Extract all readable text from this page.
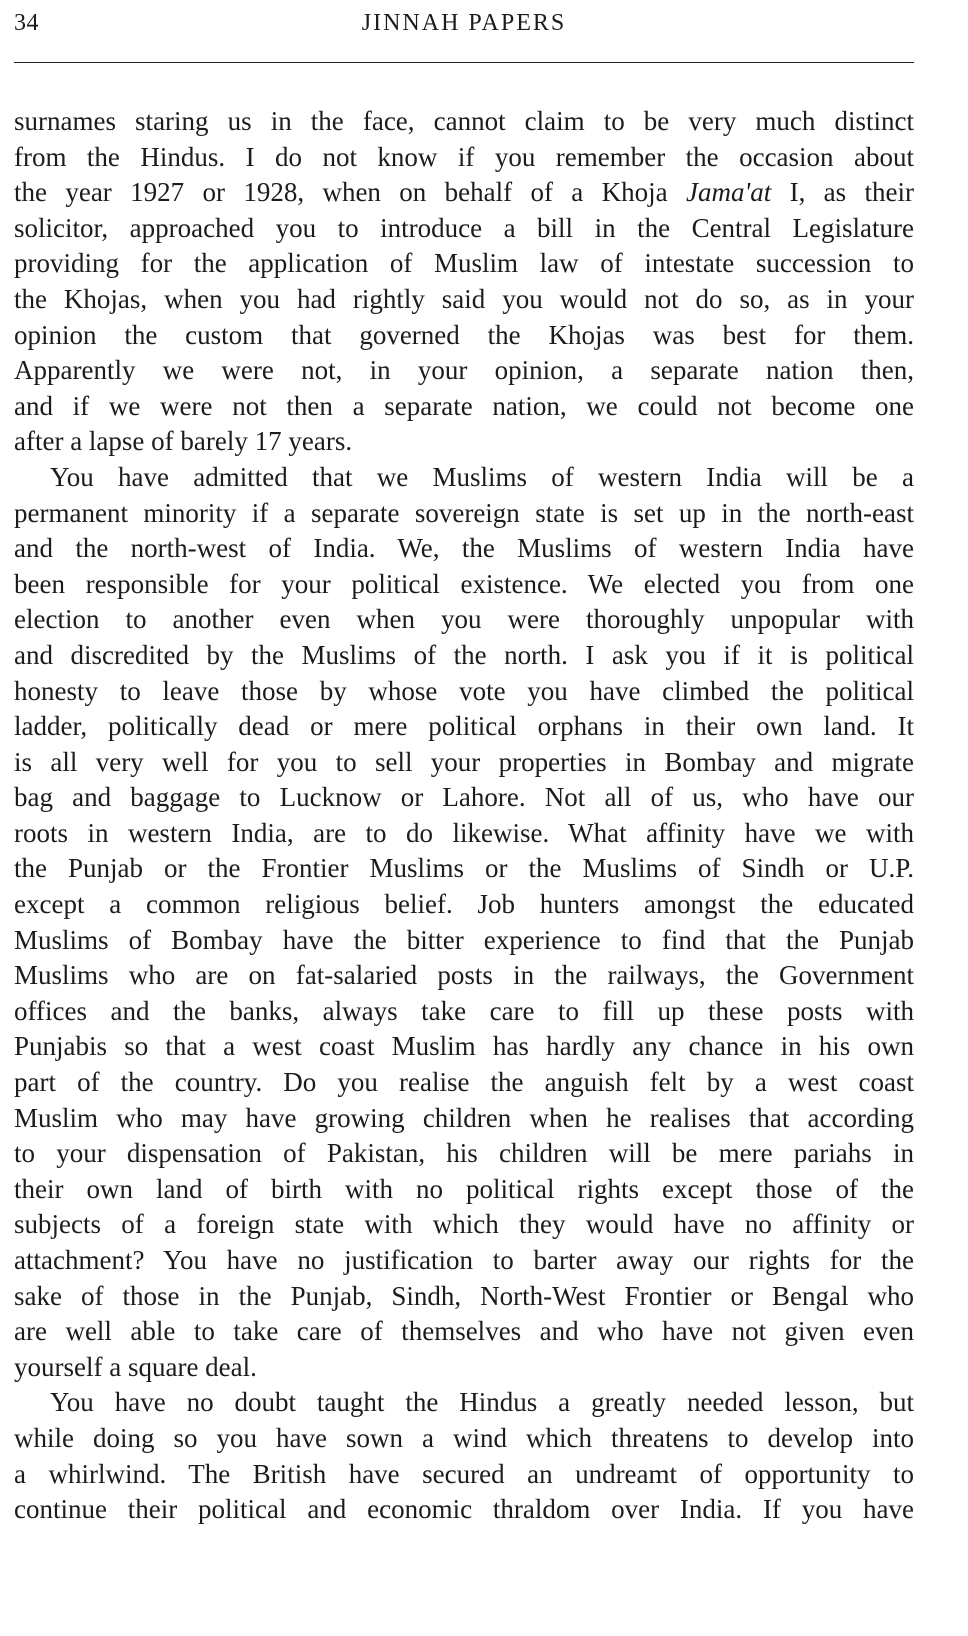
34	JINNAH PAPERS
surnames staring us in the face, cannot claim to be very much distinct
from the Hindus. I do not know if you remember the occasion about
the year 1927 or 1928, when on behalf of a Khoja Jama'at I, as their
solicitor, approached you to introduce a bill in the Central Legislature
providing for the application of Muslim law of intestate succession to
the Khojas, when you had rightly said you would not do so, as in your
opinion the custom that governed the Khojas was best for them.
Apparently we were not, in your opinion, a separate nation then,
and if we were not then a separate nation, we could not become one
after a lapse of barely 17 years.
You have admitted that we Muslims of western India will be a
permanent minority if a separate sovereign state is set up in the north-east
and the north-west of India. We, the Muslims of western India have
been responsible for your political existence. We elected you from one
election to another even when you were thoroughly unpopular with
and discredited by the Muslims of the north. I ask you if it is political
honesty to leave those by whose vote you have climbed the political
ladder, politically dead or mere political orphans in their own land. It
is all very well for you to sell your properties in Bombay and migrate
bag and baggage to Lucknow or Lahore. Not all of us, who have our
roots in western India, are to do likewise. What affinity have we with
the Punjab or the Frontier Muslims or the Muslims of Sindh or U.P.
except a common religious belief. Job hunters amongst the educated
Muslims of Bombay have the bitter experience to find that the Punjab
Muslims who are on fat-salaried posts in the railways, the Government
offices and the banks, always take care to fill up these posts with
Punjabis so that a west coast Muslim has hardly any chance in his own
part of the country. Do you realise the anguish felt by a west coast
Muslim who may have growing children when he realises that according
to your dispensation of Pakistan, his children will be mere pariahs in
their own land of birth with no political rights except those of the
subjects of a foreign state with which they would have no affinity or
attachment? You have no justification to barter away our rights for the
sake of those in the Punjab, Sindh, North-West Frontier or Bengal who
are well able to take care of themselves and who have not given even
yourself a square deal.
You have no doubt taught the Hindus a greatly needed lesson, but
while doing so you have sown a wind which threatens to develop into
a whirlwind. The British have secured an undreamt of opportunity to
continue their political and economic thraldom over India. If you have
